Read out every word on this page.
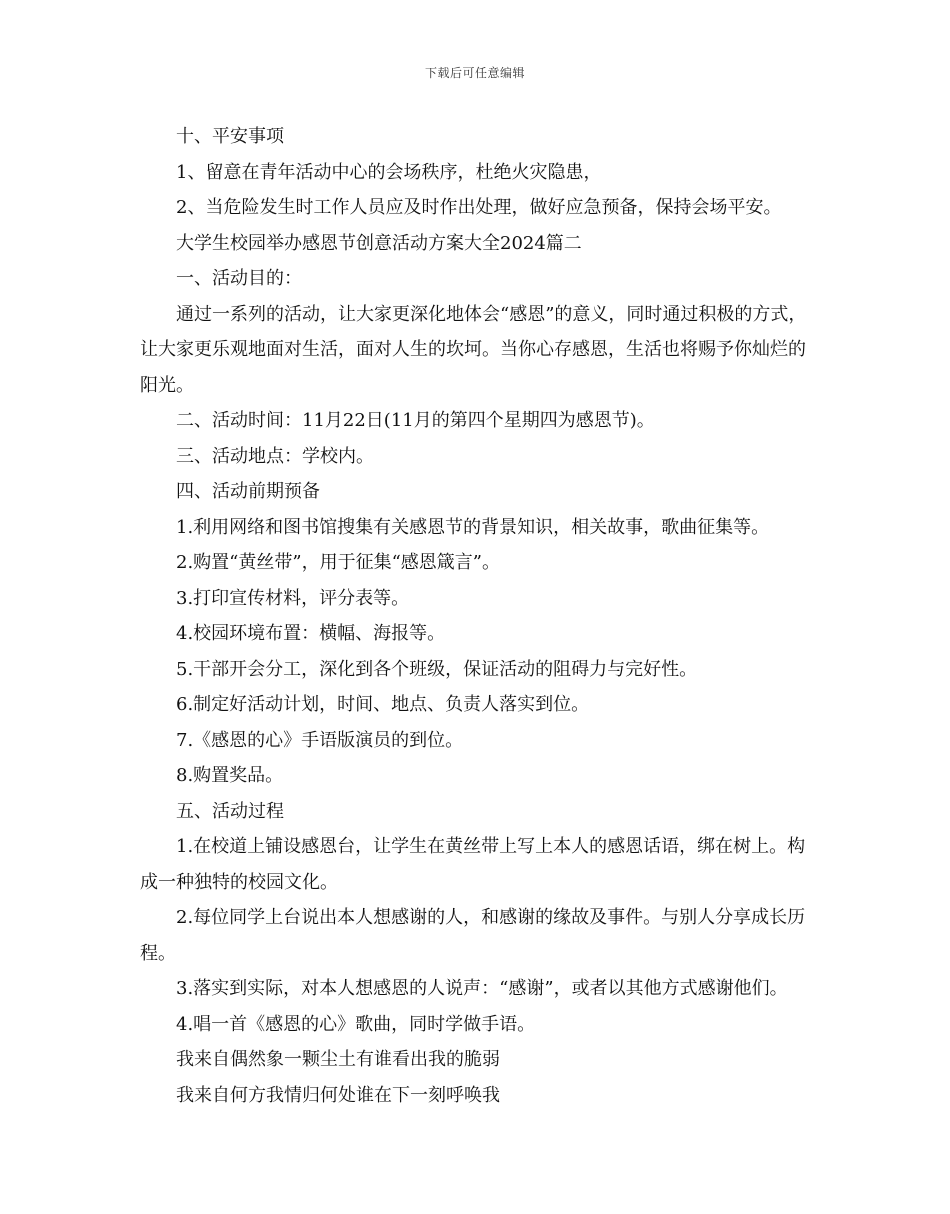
下载后可任意编辑

十、平安事项

1、留意在青年活动中心的会场秩序，杜绝火灾隐患，

2、当危险发生时工作人员应及时作出处理，做好应急预备，保持会场平安。

大学生校园举办感恩节创意活动方案大全2024篇二

一、活动目的：

通过一系列的活动，让大家更深化地体会“感恩”的意义，同时通过积极的方式，让大家更乐观地面对生活，面对人生的坎坷。当你心存感恩，生活也将赐予你灿烂的阳光。

二、活动时间：11月22日(11月的第四个星期四为感恩节)。

三、活动地点：学校内。

四、活动前期预备

1.利用网络和图书馆搜集有关感恩节的背景知识，相关故事，歌曲征集等。

2.购置“黄丝带”，用于征集“感恩箴言”。

3.打印宣传材料，评分表等。

4.校园环境布置：横幅、海报等。

5.干部开会分工，深化到各个班级，保证活动的阻碍力与完好性。

6.制定好活动计划，时间、地点、负责人落实到位。

7.《感恩的心》手语版演员的到位。

8.购置奖品。

五、活动过程

1.在校道上铺设感恩台，让学生在黄丝带上写上本人的感恩话语，绑在树上。构成一种独特的校园文化。

2.每位同学上台说出本人想感谢的人，和感谢的缘故及事件。与别人分享成长历程。

3.落实到实际，对本人想感恩的人说声：“感谢”，或者以其他方式感谢他们。

4.唱一首《感恩的心》歌曲，同时学做手语。

我来自偶然象一颗尘土有谁看出我的脆弱

我来自何方我情归何处谁在下一刻呼唤我
